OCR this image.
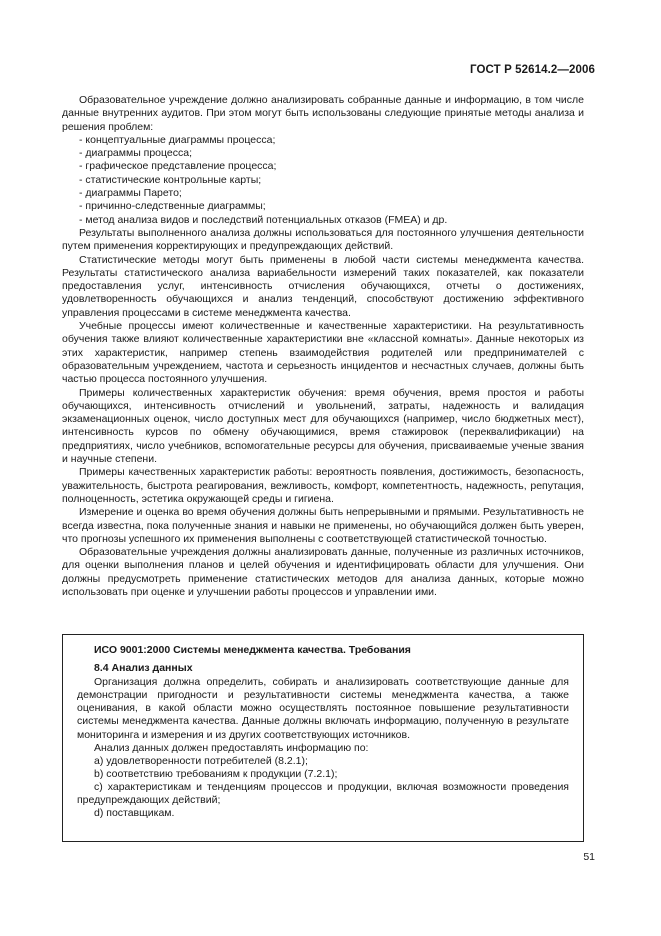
ГОСТ Р 52614.2—2006

Образовательное учреждение должно анализировать собранные данные и информацию, в том числе данные внутренних аудитов. При этом могут быть использованы следующие принятые методы анализа и решения проблем:

- концептуальные диаграммы процесса;

- диаграммы процесса;

- графическое представление процесса;

- статистические контрольные карты;

- диаграммы Парето;

- причинно-следственные диаграммы;

- метод анализа видов и последствий потенциальных отказов (FMEA) и др.

Результаты выполненного анализа должны использоваться для постоянного улучшения деятельности путем применения корректирующих и предупреждающих действий.

Статистические методы могут быть применены в любой части системы менеджмента качества. Результаты статистического анализа вариабельности измерений таких показателей, как показатели предоставления услуг, интенсивность отчисления обучающихся, отчеты о достижениях, удовлетворенность обучающихся и анализ тенденций, способствуют достижению эффективного управления процессами в системе менеджмента качества.

Учебные процессы имеют количественные и качественные характеристики. На результативность обучения также влияют количественные характеристики вне «классной комнаты». Данные некоторых из этих характеристик, например степень взаимодействия родителей или предпринимателей с образовательным учреждением, частота и серьезность инцидентов и несчастных случаев, должны быть частью процесса постоянного улучшения.

Примеры количественных характеристик обучения: время обучения, время простоя и работы обучающихся, интенсивность отчислений и увольнений, затраты, надежность и валидация экзаменационных оценок, число доступных мест для обучающихся (например, число бюджетных мест), интенсивность курсов по обмену обучающимися, время стажировок (переквалификации) на предприятиях, число учебников, вспомогательные ресурсы для обучения, присваиваемые ученые звания и научные степени.

Примеры качественных характеристик работы: вероятность появления, достижимость, безопасность, уважительность, быстрота реагирования, вежливость, комфорт, компетентность, надежность, репутация, полноценность, эстетика окружающей среды и гигиена.

Измерение и оценка во время обучения должны быть непрерывными и прямыми. Результативность не всегда известна, пока полученные знания и навыки не применены, но обучающийся должен быть уверен, что прогнозы успешного их применения выполнены с соответствующей статистической точностью.

Образовательные учреждения должны анализировать данные, полученные из различных источников, для оценки выполнения планов и целей обучения и идентифицировать области для улучшения. Они должны предусмотреть применение статистических методов для анализа данных, которые можно использовать при оценке и улучшении работы процессов и управлении ими.

ИСО 9001:2000 Системы менеджмента качества. Требования
8.4 Анализ данных

Организация должна определить, собирать и анализировать соответствующие данные для демонстрации пригодности и результативности системы менеджмента качества, а также оценивания, в какой области можно осуществлять постоянное повышение результативности системы менеджмента качества. Данные должны включать информацию, полученную в результате мониторинга и измерения и из других соответствующих источников.

Анализ данных должен предоставлять информацию по:

a) удовлетворенности потребителей (8.2.1);

b) соответствию требованиям к продукции (7.2.1);

c) характеристикам и тенденциям процессов и продукции, включая возможности проведения предупреждающих действий;

d) поставщикам.

51
